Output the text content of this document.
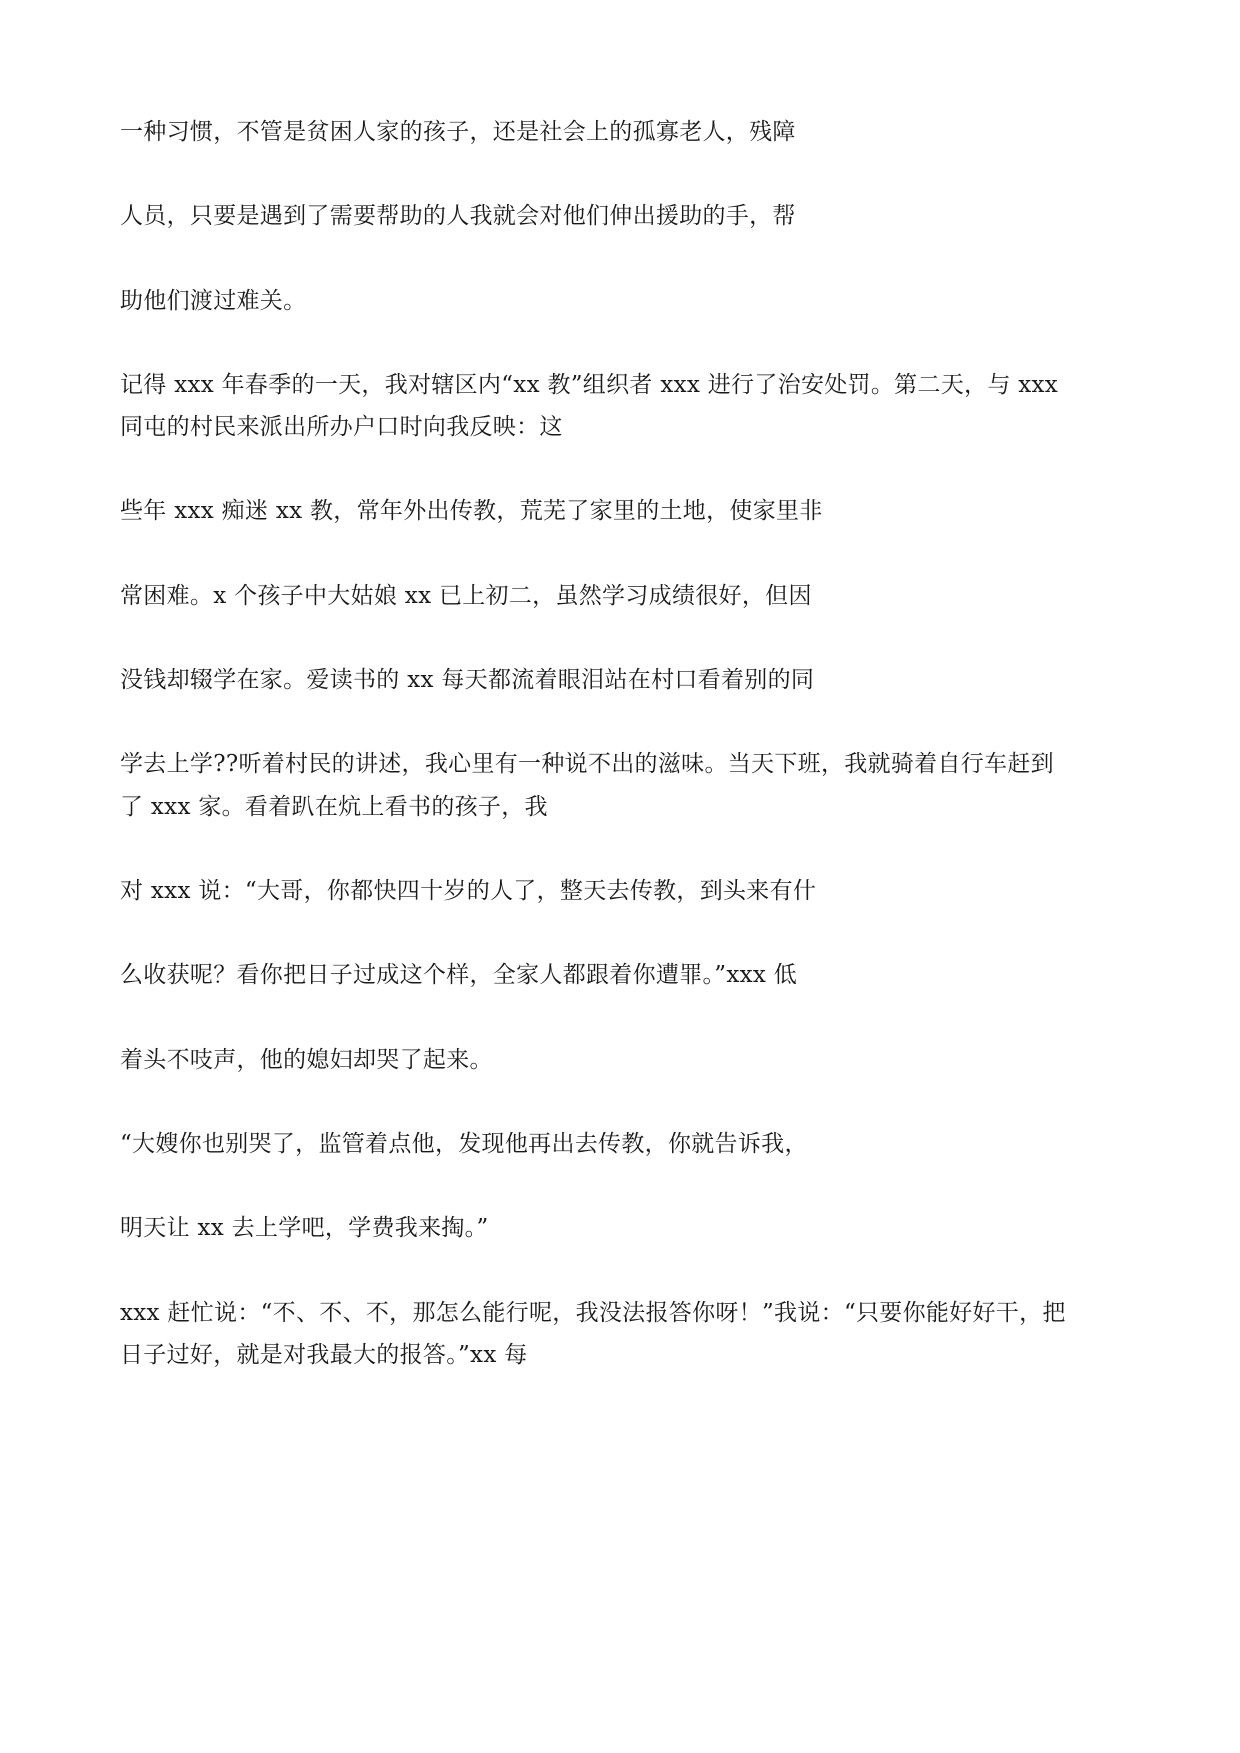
一种习惯，不管是贫困人家的孩子，还是社会上的孤寡老人，残障
人员，只要是遇到了需要帮助的人我就会对他们伸出援助的手，帮
助他们渡过难关。
记得 xxx 年春季的一天，我对辖区内“xx 教”组织者 xxx 进行了治安处罚。第二天，与 xxx
同屯的村民来派出所办户口时向我反映：这
些年 xxx 痴迷 xx 教，常年外出传教，荒芜了家里的土地，使家里非
常困难。x 个孩子中大姑娘 xx 已上初二，虽然学习成绩很好，但因
没钱却辍学在家。爱读书的 xx 每天都流着眼泪站在村口看着别的同
学去上学??听着村民的讲述，我心里有一种说不出的滋味。当天下班，我就骑着自行车赶到
了 xxx 家。看着趴在炕上看书的孩子，我
对 xxx 说：“大哥，你都快四十岁的人了，整天去传教，到头来有什
么收获呢？看你把日子过成这个样，全家人都跟着你遭罪。”xxx 低
着头不吱声，他的媳妇却哭了起来。
“大嫂你也别哭了，监管着点他，发现他再出去传教，你就告诉我，
明天让 xx 去上学吧，学费我来掏。”
xxx 赶忙说：“不、不、不，那怎么能行呢，我没法报答你呀！”我说：“只要你能好好干，把
日子过好，就是对我最大的报答。”xx 每
